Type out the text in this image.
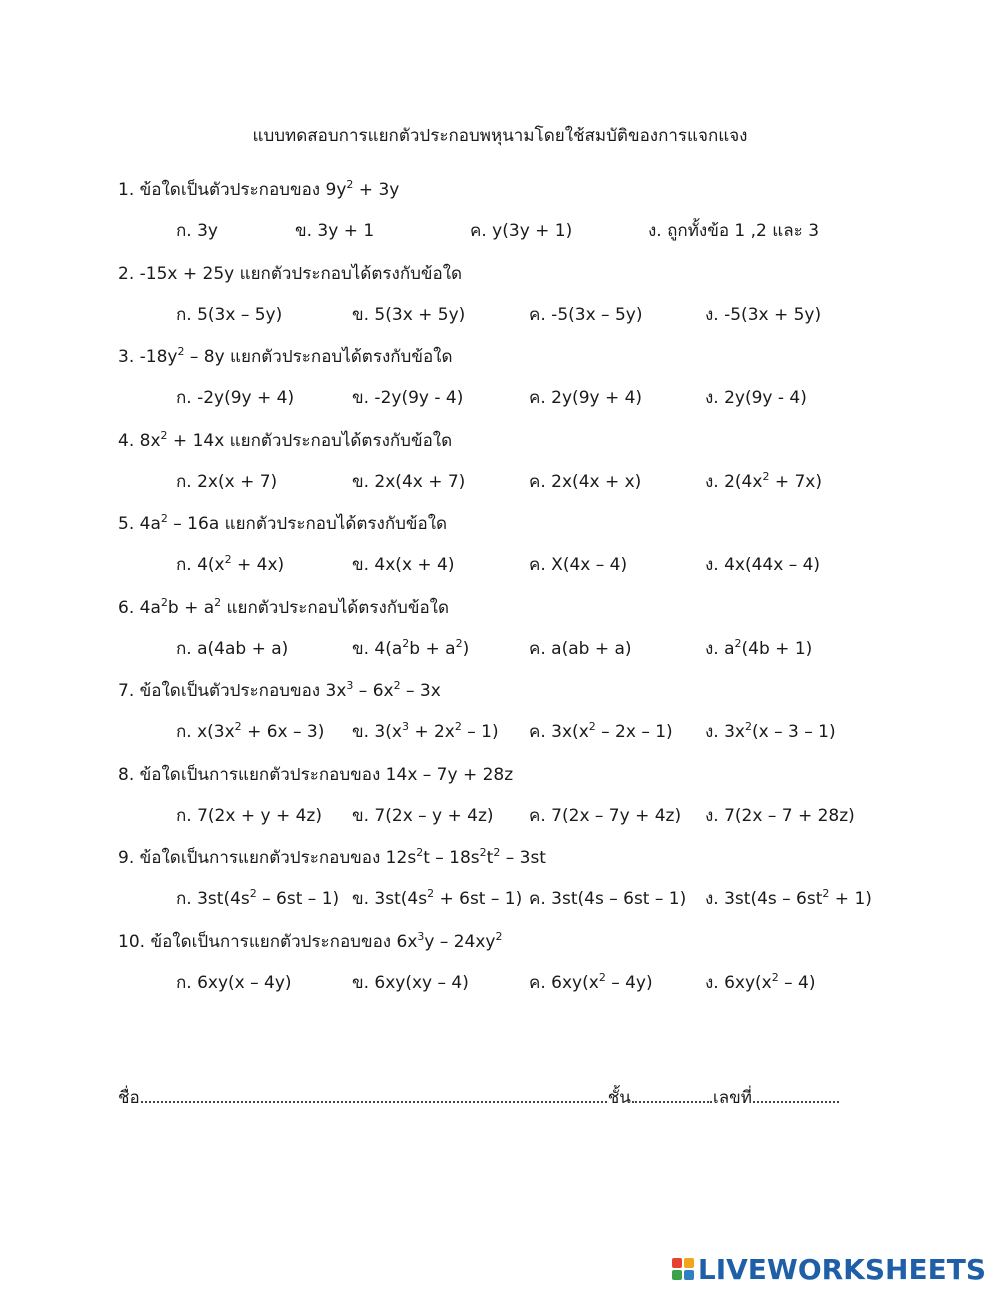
แบบทดสอบการแยกตัวประกอบพหุนามโดยใช้สมบัติของการแจกแจง
1. ข้อใดเป็นตัวประกอบของ $9y^2 + 3y$
ก. 3y	ข. 3y + 1	ค. y(3y + 1)	ง. ถูกทั้งข้อ 1 ,2 และ 3
2. -15x + 25y แยกตัวประกอบได้ตรงกับข้อใด
ก. 5(3x – 5y)	ข. 5(3x + 5y)	ค. -5(3x – 5y)	ง. -5(3x + 5y)
3. $-18y^2 - 8y$ แยกตัวประกอบได้ตรงกับข้อใด
ก. -2y(9y + 4)	ข. -2y(9y - 4)	ค. 2y(9y + 4)	ง. 2y(9y - 4)
4. $8x^2 + 14x$ แยกตัวประกอบได้ตรงกับข้อใด
ก. 2x(x + 7)	ข. 2x(4x + 7)	ค. 2x(4x + x)	ง. $2(4x^2 + 7x)$
5. $4a^2 - 16a$ แยกตัวประกอบได้ตรงกับข้อใด
ก. $4(x^2 + 4x)$	ข. 4x(x + 4)	ค. X(4x – 4)	ง. 4x(44x – 4)
6. $4a^2b + a^2$ แยกตัวประกอบได้ตรงกับข้อใด
ก. a(4ab + a)	ข. $4(a^2b + a^2)$	ค. a(ab + a)	ง. $a^2(4b + 1)$
7. ข้อใดเป็นตัวประกอบของ $3x^3 - 6x^2 - 3x$
ก. $x(3x^2 + 6x - 3)$ ข. $3(x^3 + 2x^2 - 1)$ ค. $3x(x^2 - 2x - 1)$ ง. $3x^2(x - 3 - 1)$
8. ข้อใดเป็นการแยกตัวประกอบของ 14x – 7y + 28z
ก. 7(2x + y + 4z) ข. 7(2x – y + 4z) ค. 7(2x – 7y + 4z) ง. 7(2x – 7 + 28z)
9. ข้อใดเป็นการแยกตัวประกอบของ $12s^2t - 18s^2t^2 - 3st$
ก. $3st(4s^2 - 6st - 1)$ ข. $3st(4s^2 + 6st - 1)$ ค. 3st(4s – 6st – 1) ง. $3st(4s - 6st^2 + 1)$
10. ข้อใดเป็นการแยกตัวประกอบของ $6x^3y - 24xy^2$
ก. 6xy(x – 4y)	ข. 6xy(xy – 4)	ค. $6xy(x^2 - 4y)$	ง. $6xy(x^2 - 4)$
ชื่อ	ชั้น	เลขที่
LIVEWORKSHEETS
